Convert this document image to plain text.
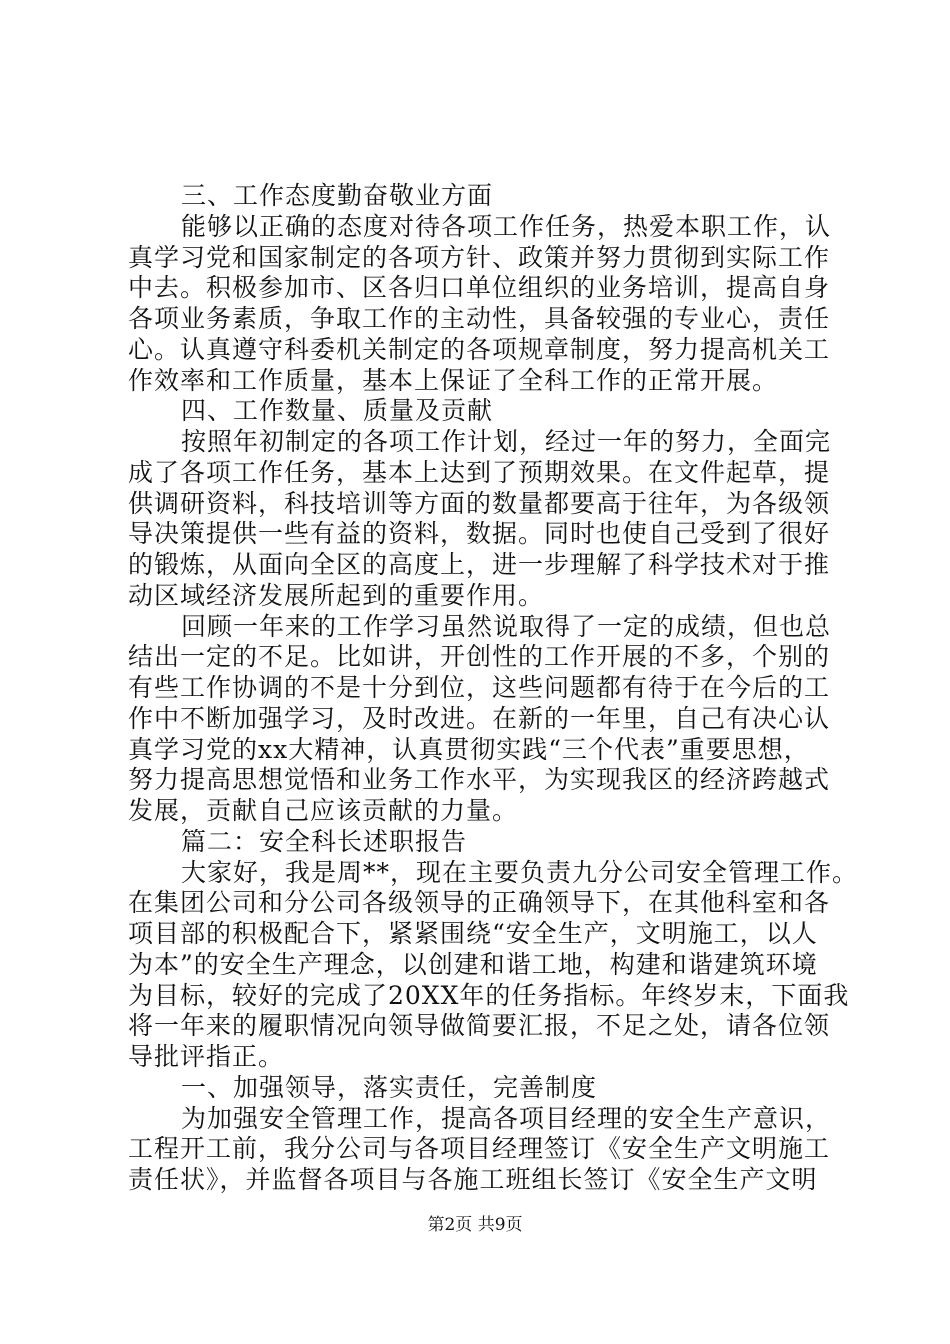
三、工作态度勤奋敬业方面
能够以正确的态度对待各项工作任务，热爱本职工作，认
真学习党和国家制定的各项方针、政策并努力贯彻到实际工作
中去。积极参加市、区各归口单位组织的业务培训，提高自身
各项业务素质，争取工作的主动性，具备较强的专业心，责任
心。认真遵守科委机关制定的各项规章制度，努力提高机关工
作效率和工作质量，基本上保证了全科工作的正常开展。
四、工作数量、质量及贡献
按照年初制定的各项工作计划，经过一年的努力，全面完
成了各项工作任务，基本上达到了预期效果。在文件起草，提
供调研资料，科技培训等方面的数量都要高于往年，为各级领
导决策提供一些有益的资料，数据。同时也使自己受到了很好
的锻炼，从面向全区的高度上，进一步理解了科学技术对于推
动区域经济发展所起到的重要作用。
回顾一年来的工作学习虽然说取得了一定的成绩，但也总
结出一定的不足。比如讲，开创性的工作开展的不多，个别的
有些工作协调的不是十分到位，这些问题都有待于在今后的工
作中不断加强学习，及时改进。在新的一年里，自己有决心认
真学习党的xx大精神，认真贯彻实践“三个代表”重要思想，
努力提高思想觉悟和业务工作水平，为实现我区的经济跨越式
发展，贡献自己应该贡献的力量。
篇二：安全科长述职报告
大家好，我是周**，现在主要负责九分公司安全管理工作。
在集团公司和分公司各级领导的正确领导下，在其他科室和各
项目部的积极配合下，紧紧围绕“安全生产，文明施工，以人
为本”的安全生产理念，以创建和谐工地，构建和谐建筑环境
为目标，较好的完成了20XX年的任务指标。年终岁末，下面我
将一年来的履职情况向领导做简要汇报，不足之处，请各位领
导批评指正。
一、加强领导，落实责任，完善制度
为加强安全管理工作，提高各项目经理的安全生产意识，
工程开工前，我分公司与各项目经理签订《安全生产文明施工
责任状》，并监督各项目与各施工班组长签订《安全生产文明
第2页 共9页
